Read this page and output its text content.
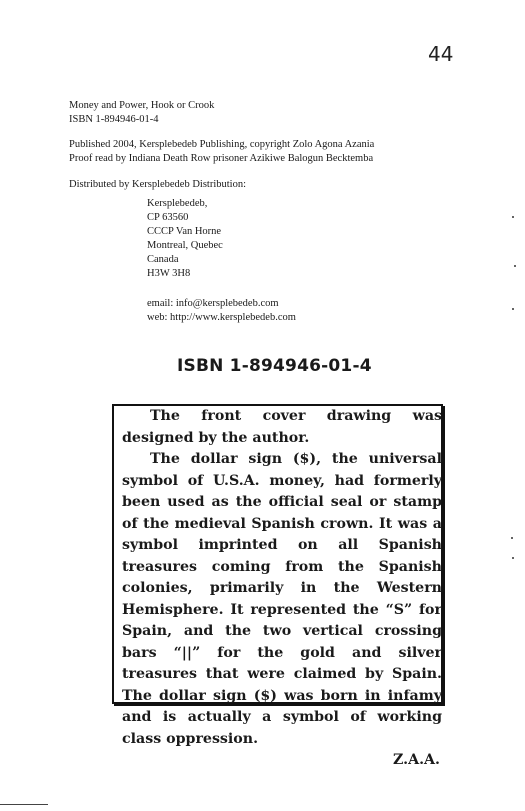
44
Money and Power, Hook or Crook
ISBN 1-894946-01-4
Published 2004, Kersplebedeb Publishing, copyright Zolo Agona Azania
Proof read by Indiana Death Row prisoner Azikiwe Balogun Becktemba
Distributed by Kersplebedeb Distribution:
Kersplebedeb,
CP 63560
CCCP Van Horne
Montreal, Quebec
Canada
H3W 3H8
email: info@kersplebedeb.com
web: http://www.kersplebedeb.com
ISBN 1-894946-01-4

The front cover drawing was designed by the author.

The dollar sign ($), the universal symbol of U.S.A. money, had formerly been used as the official seal or stamp of the medieval Spanish crown. It was a symbol imprinted on all Spanish treasures coming from the Spanish colonies, primarily in the Western Hemisphere. It represented the “S” for Spain, and the two vertical crossing bars “||” for the gold and silver treasures that were claimed by Spain. The dollar sign ($) was born in infamy and is actually a symbol of working class oppression.

Z.A.A.
